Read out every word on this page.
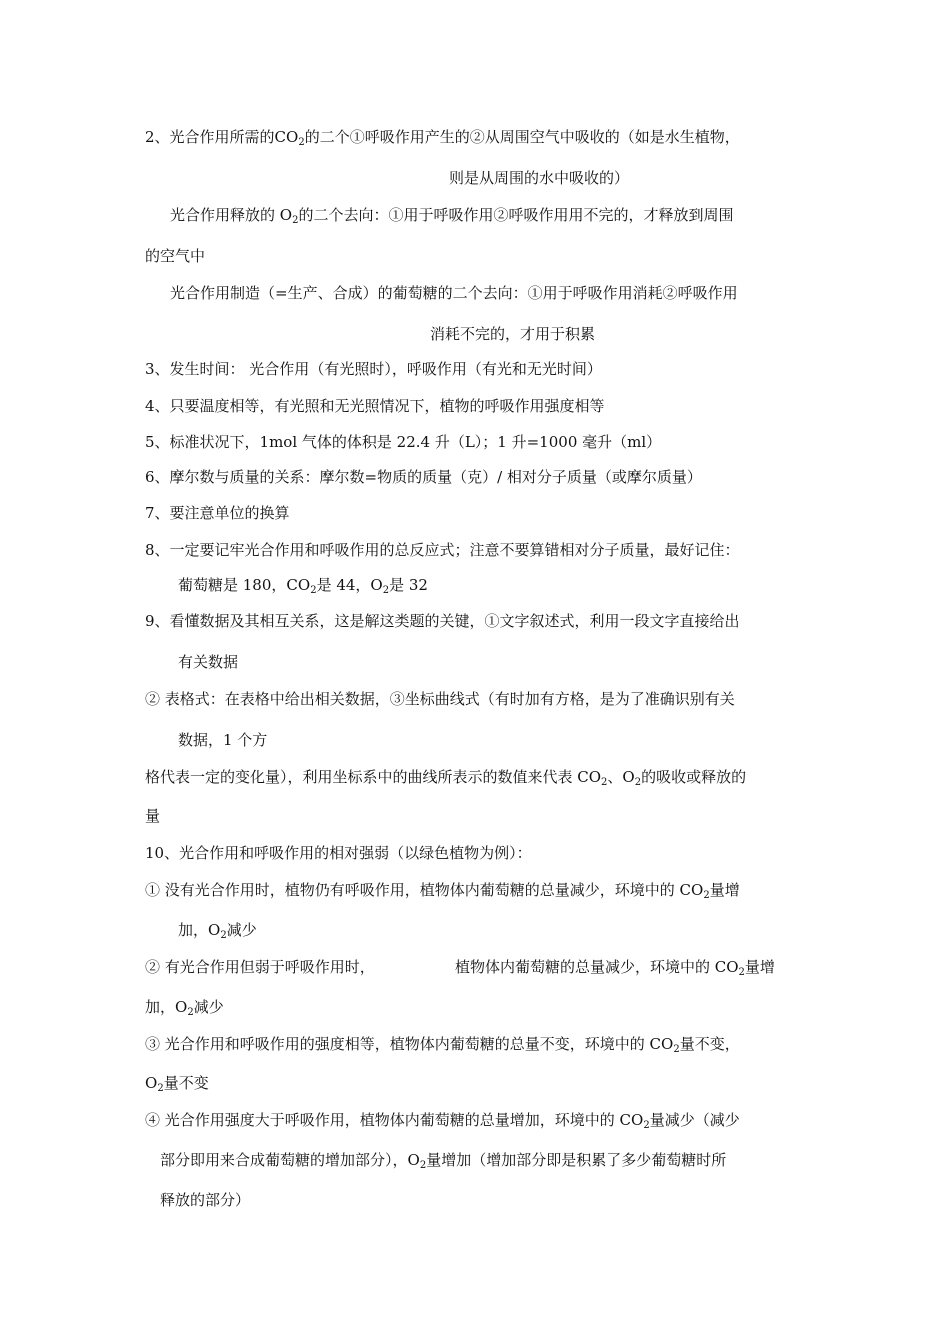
2、光合作用所需的$CO_2$的二个①呼吸作用产生的②从周围空气中吸收的（如是水生植物，
则是从周围的水中吸收的）
光合作用释放的 $O_2$的二个去向：①用于呼吸作用②呼吸作用用不完的，才释放到周围
的空气中
光合作用制造（=生产、合成）的葡萄糖的二个去向：①用于呼吸作用消耗②呼吸作用
消耗不完的，才用于积累
3、发生时间： 光合作用（有光照时），呼吸作用（有光和无光时间）
4、只要温度相等，有光照和无光照情况下，植物的呼吸作用强度相等
5、标准状况下，1mol 气体的体积是 22.4 升（L）；1 升=1000 毫升（ml）
6、摩尔数与质量的关系：摩尔数=物质的质量（克）/ 相对分子质量（或摩尔质量）
7、要注意单位的换算
8、一定要记牢光合作用和呼吸作用的总反应式；注意不要算错相对分子质量，最好记住：
葡萄糖是 180，$CO_2$是 44，$O_2$是 32
9、看懂数据及其相互关系，这是解这类题的关键，①文字叙述式，利用一段文字直接给出
有关数据
② 表格式：在表格中给出相关数据，③坐标曲线式（有时加有方格，是为了准确识别有关
数据，1 个方
格代表一定的变化量），利用坐标系中的曲线所表示的数值来代表 $CO_2$、$O_2$的吸收或释放的
量
10、光合作用和呼吸作用的相对强弱（以绿色植物为例）：
① 没有光合作用时，植物仍有呼吸作用，植物体内葡萄糖的总量减少，环境中的 $CO_2$量增
加，$O_2$减少
② 有光合作用但弱于呼吸作用时，	植物体内葡萄糖的总量减少，环境中的 $CO_2$量增
加，$O_2$减少
③ 光合作用和呼吸作用的强度相等，植物体内葡萄糖的总量不变，环境中的 $CO_2$量不变，
$O_2$量不变
④ 光合作用强度大于呼吸作用，植物体内葡萄糖的总量增加，环境中的 $CO_2$量减少（减少
部分即用来合成葡萄糖的增加部分），$O_2$量增加（增加部分即是积累了多少葡萄糖时所
释放的部分）
